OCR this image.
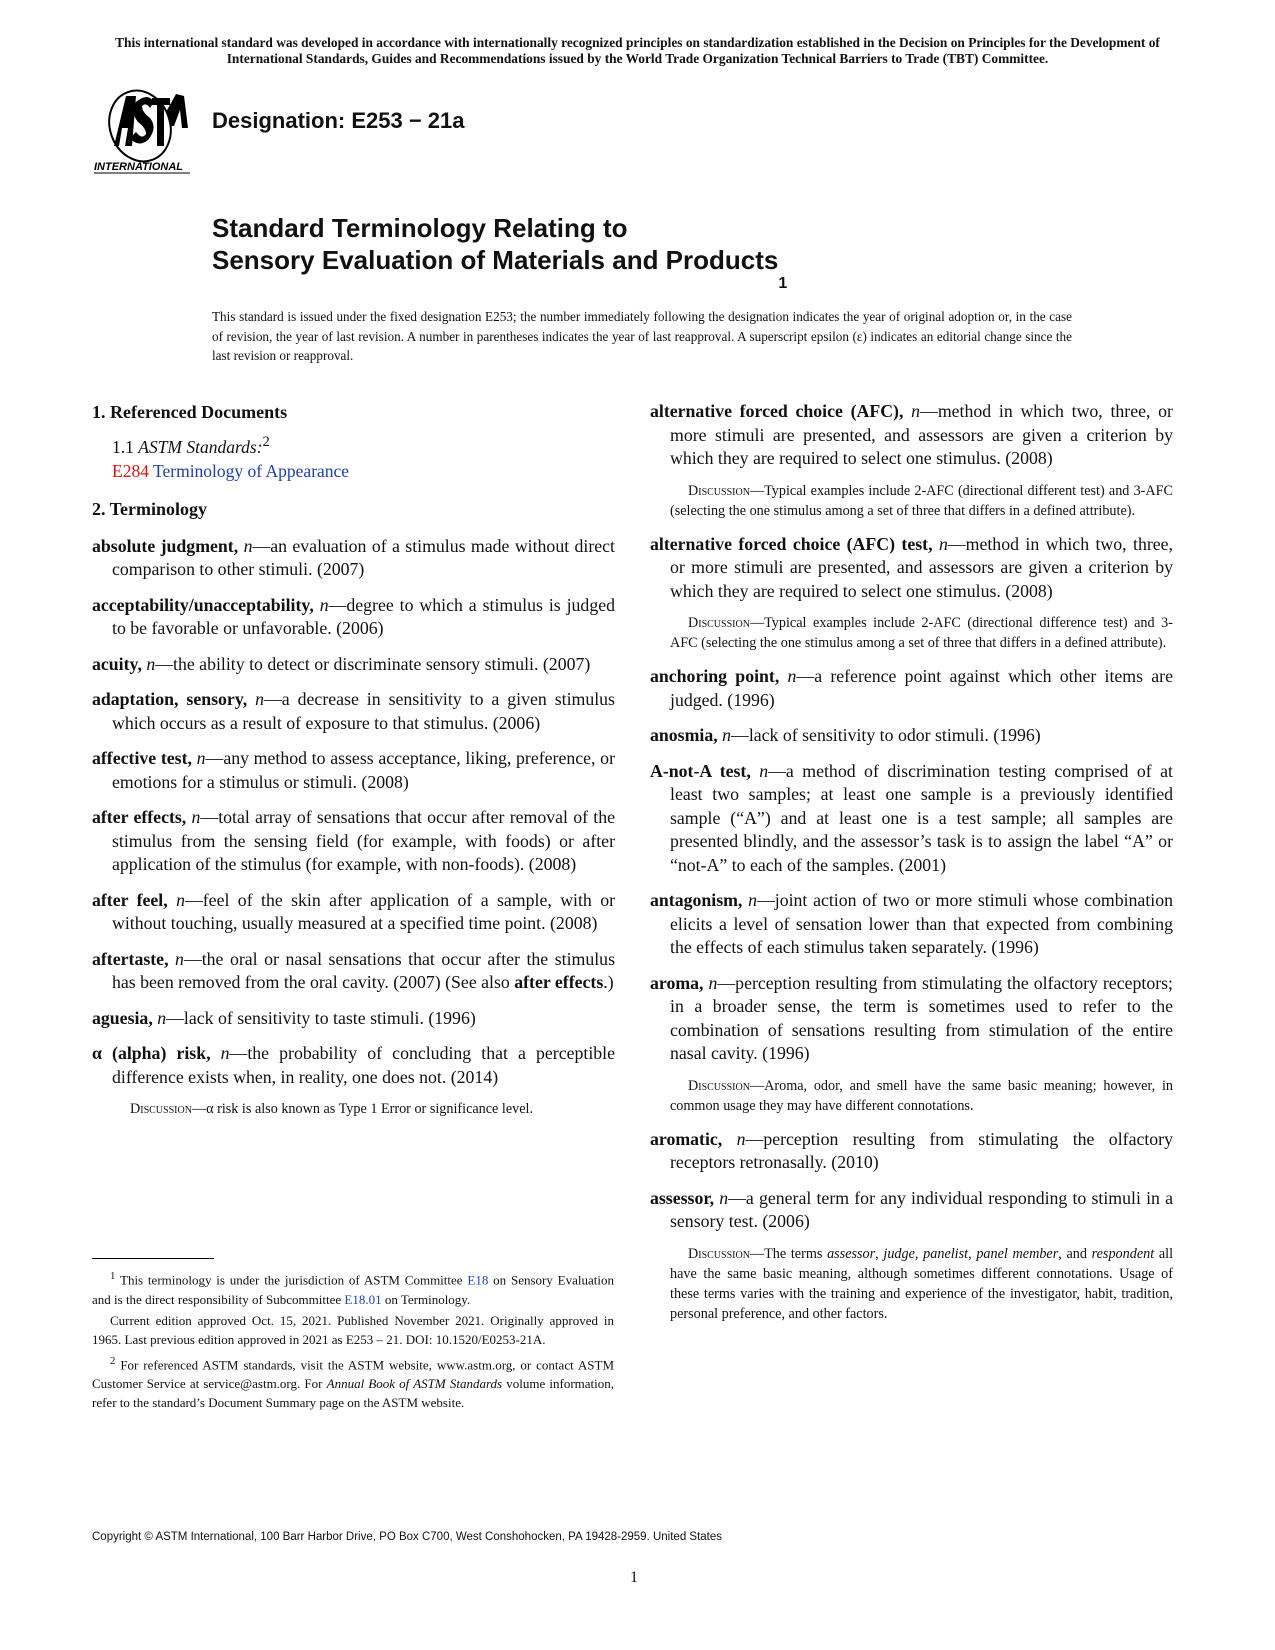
This international standard was developed in accordance with internationally recognized principles on standardization established in the Decision on Principles for the Development of International Standards, Guides and Recommendations issued by the World Trade Organization Technical Barriers to Trade (TBT) Committee.

INTERNATIONAL
Designation: E253 − 21a
Standard Terminology Relating to
Sensory Evaluation of Materials and Products$^1$

This standard is issued under the fixed designation E253; the number immediately following the designation indicates the year of original adoption or, in the case of revision, the year of last revision. A number in parentheses indicates the year of last reapproval. A superscript epsilon (ε) indicates an editorial change since the last revision or reapproval.

1. Referenced Documents

1.1 ASTM Standards:$^2$

E284 Terminology of Appearance

2. Terminology

absolute judgment, n—an evaluation of a stimulus made without direct comparison to other stimuli. (2007)

acceptability/unacceptability, n—degree to which a stimulus is judged to be favorable or unfavorable. (2006)

acuity, n—the ability to detect or discriminate sensory stimuli. (2007)

adaptation, sensory, n—a decrease in sensitivity to a given stimulus which occurs as a result of exposure to that stimulus. (2006)

affective test, n—any method to assess acceptance, liking, preference, or emotions for a stimulus or stimuli. (2008)

after effects, n—total array of sensations that occur after removal of the stimulus from the sensing field (for example, with foods) or after application of the stimulus (for example, with non-foods). (2008)

after feel, n—feel of the skin after application of a sample, with or without touching, usually measured at a specified time point. (2008)

aftertaste, n—the oral or nasal sensations that occur after the stimulus has been removed from the oral cavity. (2007) (See also after effects.)

aguesia, n—lack of sensitivity to taste stimuli. (1996)

α (alpha) risk, n—the probability of concluding that a perceptible difference exists when, in reality, one does not. (2014)

Discussion—α risk is also known as Type 1 Error or significance level.

alternative forced choice (AFC), n—method in which two, three, or more stimuli are presented, and assessors are given a criterion by which they are required to select one stimulus. (2008)

Discussion—Typical examples include 2-AFC (directional different test) and 3-AFC (selecting the one stimulus among a set of three that differs in a defined attribute).

alternative forced choice (AFC) test, n—method in which two, three, or more stimuli are presented, and assessors are given a criterion by which they are required to select one stimulus. (2008)

Discussion—Typical examples include 2-AFC (directional difference test) and 3-AFC (selecting the one stimulus among a set of three that differs in a defined attribute).

anchoring point, n—a reference point against which other items are judged. (1996)

anosmia, n—lack of sensitivity to odor stimuli. (1996)

A-not-A test, n—a method of discrimination testing comprised of at least two samples; at least one sample is a previously identified sample (“A”) and at least one is a test sample; all samples are presented blindly, and the assessor’s task is to assign the label “A” or “not-A” to each of the samples. (2001)

antagonism, n—joint action of two or more stimuli whose combination elicits a level of sensation lower than that expected from combining the effects of each stimulus taken separately. (1996)

aroma, n—perception resulting from stimulating the olfactory receptors; in a broader sense, the term is sometimes used to refer to the combination of sensations resulting from stimulation of the entire nasal cavity. (1996)

Discussion—Aroma, odor, and smell have the same basic meaning; however, in common usage they may have different connotations.

aromatic, n—perception resulting from stimulating the olfactory receptors retronasally. (2010)

assessor, n—a general term for any individual responding to stimuli in a sensory test. (2006)

Discussion—The terms assessor, judge, panelist, panel member, and respondent all have the same basic meaning, although sometimes different connotations. Usage of these terms varies with the training and experience of the investigator, habit, tradition, personal preference, and other factors.

$^1$ This terminology is under the jurisdiction of ASTM Committee E18 on Sensory Evaluation and is the direct responsibility of Subcommittee E18.01 on Terminology.

Current edition approved Oct. 15, 2021. Published November 2021. Originally approved in 1965. Last previous edition approved in 2021 as E253 – 21. DOI: 10.1520/E0253-21A.

$^2$ For referenced ASTM standards, visit the ASTM website, www.astm.org, or contact ASTM Customer Service at service@astm.org. For Annual Book of ASTM Standards volume information, refer to the standard’s Document Summary page on the ASTM website.

Copyright © ASTM International, 100 Barr Harbor Drive, PO Box C700, West Conshohocken, PA 19428-2959. United States

1
